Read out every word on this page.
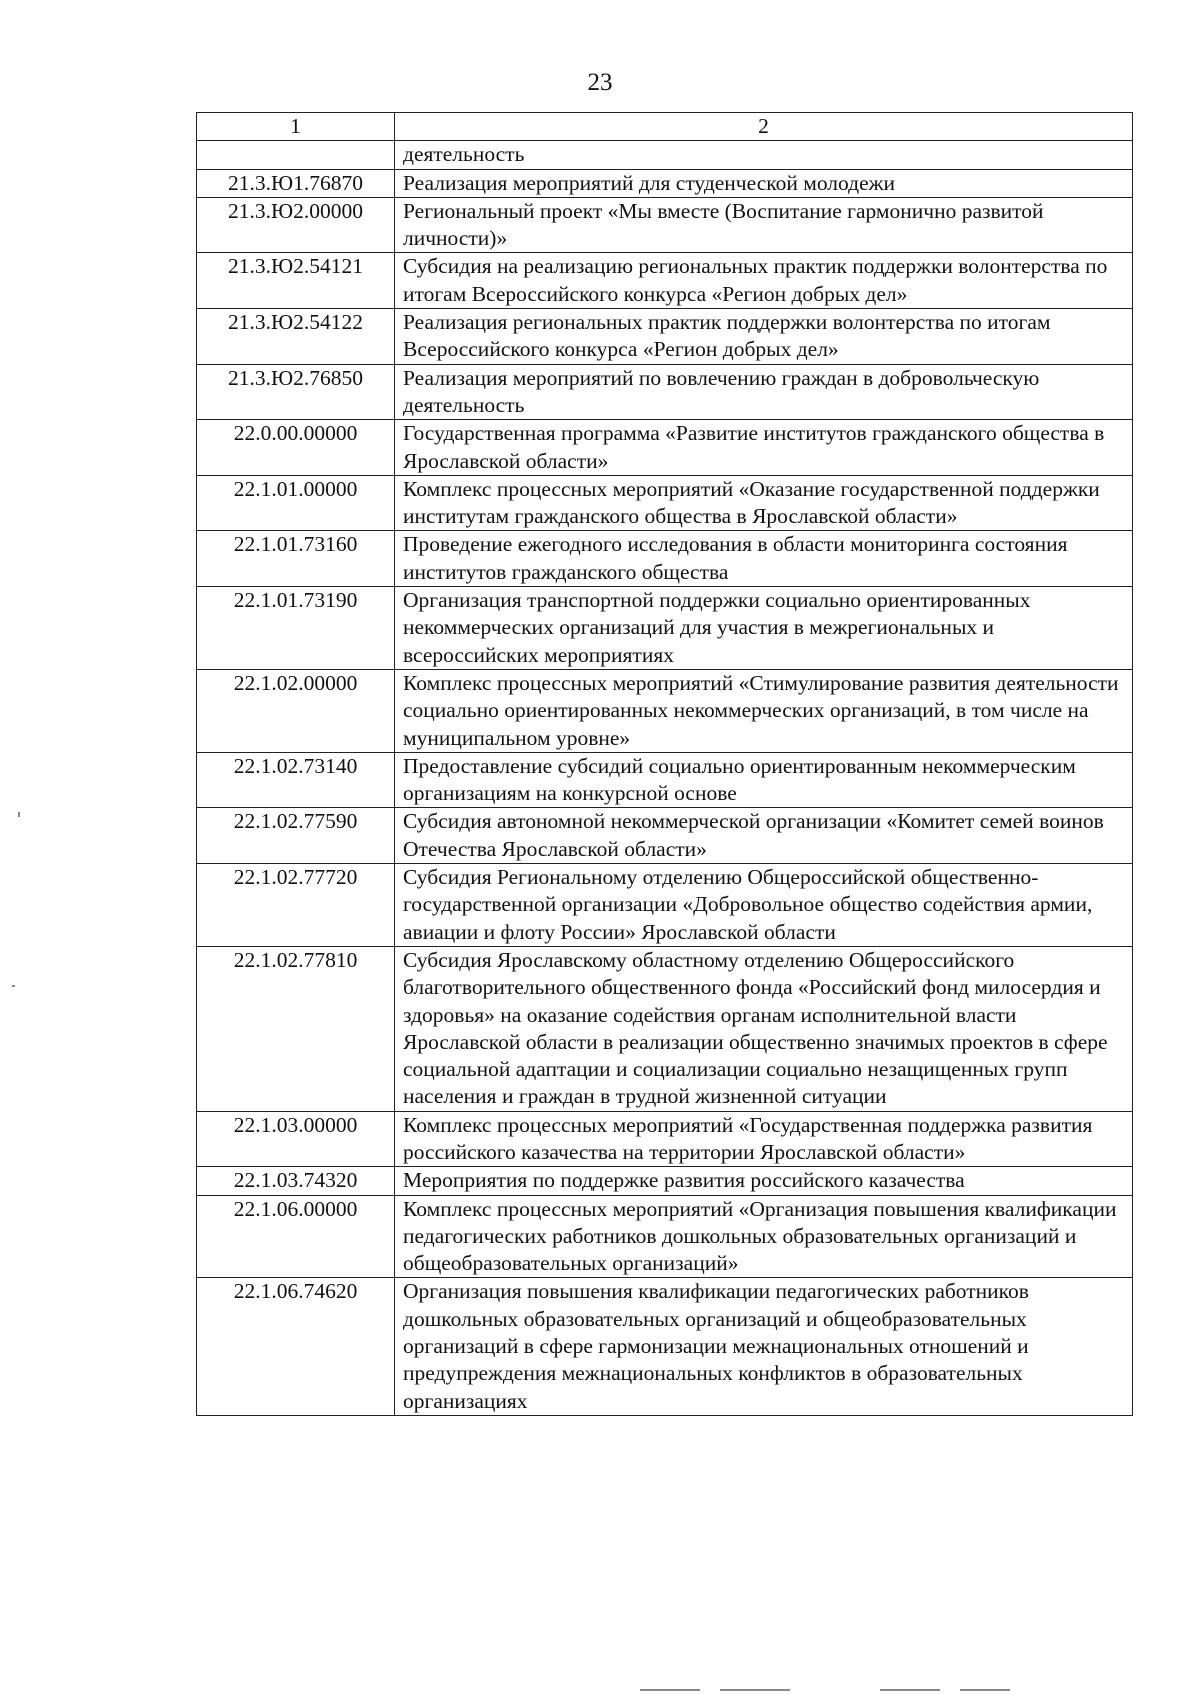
23
1	2
	деятельность
21.3.Ю1.76870	Реализация мероприятий для студенческой молодежи
21.3.Ю2.00000	Региональный проект «Мы вместе (Воспитание гармонично развитой личности)»
21.3.Ю2.54121	Субсидия на реализацию региональных практик поддержки волонтерства по итогам Всероссийского конкурса «Регион добрых дел»
21.3.Ю2.54122	Реализация региональных практик поддержки волонтерства по итогам Всероссийского конкурса «Регион добрых дел»
21.3.Ю2.76850	Реализация мероприятий по вовлечению граждан в добровольческую деятельность
22.0.00.00000	Государственная программа «Развитие институтов гражданского общества в Ярославской области»
22.1.01.00000	Комплекс процессных мероприятий «Оказание государственной поддержки институтам гражданского общества в Ярославской области»
22.1.01.73160	Проведение ежегодного исследования в области мониторинга состояния институтов гражданского общества
22.1.01.73190	Организация транспортной поддержки социально ориентированных некоммерческих организаций для участия в межрегиональных и всероссийских мероприятиях
22.1.02.00000	Комплекс процессных мероприятий «Стимулирование развития деятельности социально ориентированных некоммерческих организаций, в том числе на муниципальном уровне»
22.1.02.73140	Предоставление субсидий социально ориентированным некоммерческим организациям на конкурсной основе
22.1.02.77590	Субсидия автономной некоммерческой организации «Комитет семей воинов Отечества Ярославской области»
22.1.02.77720	Субсидия Региональному отделению Общероссийской общественно-государственной организации «Добровольное общество содействия армии, авиации и флоту России» Ярославской области
22.1.02.77810	Субсидия Ярославскому областному отделению Общероссийского благотворительного общественного фонда «Российский фонд милосердия и здоровья» на оказание содействия органам исполнительной власти Ярославской области в реализации общественно значимых проектов в сфере социальной адаптации и социализации социально незащищенных групп населения и граждан в трудной жизненной ситуации
22.1.03.00000	Комплекс процессных мероприятий «Государственная поддержка развития российского казачества на территории Ярославской области»
22.1.03.74320	Мероприятия по поддержке развития российского казачества
22.1.06.00000	Комплекс процессных мероприятий «Организация повышения квалификации педагогических работников дошкольных образовательных организаций и общеобразовательных организаций»
22.1.06.74620	Организация повышения квалификации педагогических работников дошкольных образовательных организаций и общеобразовательных организаций в сфере гармонизации межнациональных отношений и предупреждения межнациональных конфликтов в образовательных организациях
